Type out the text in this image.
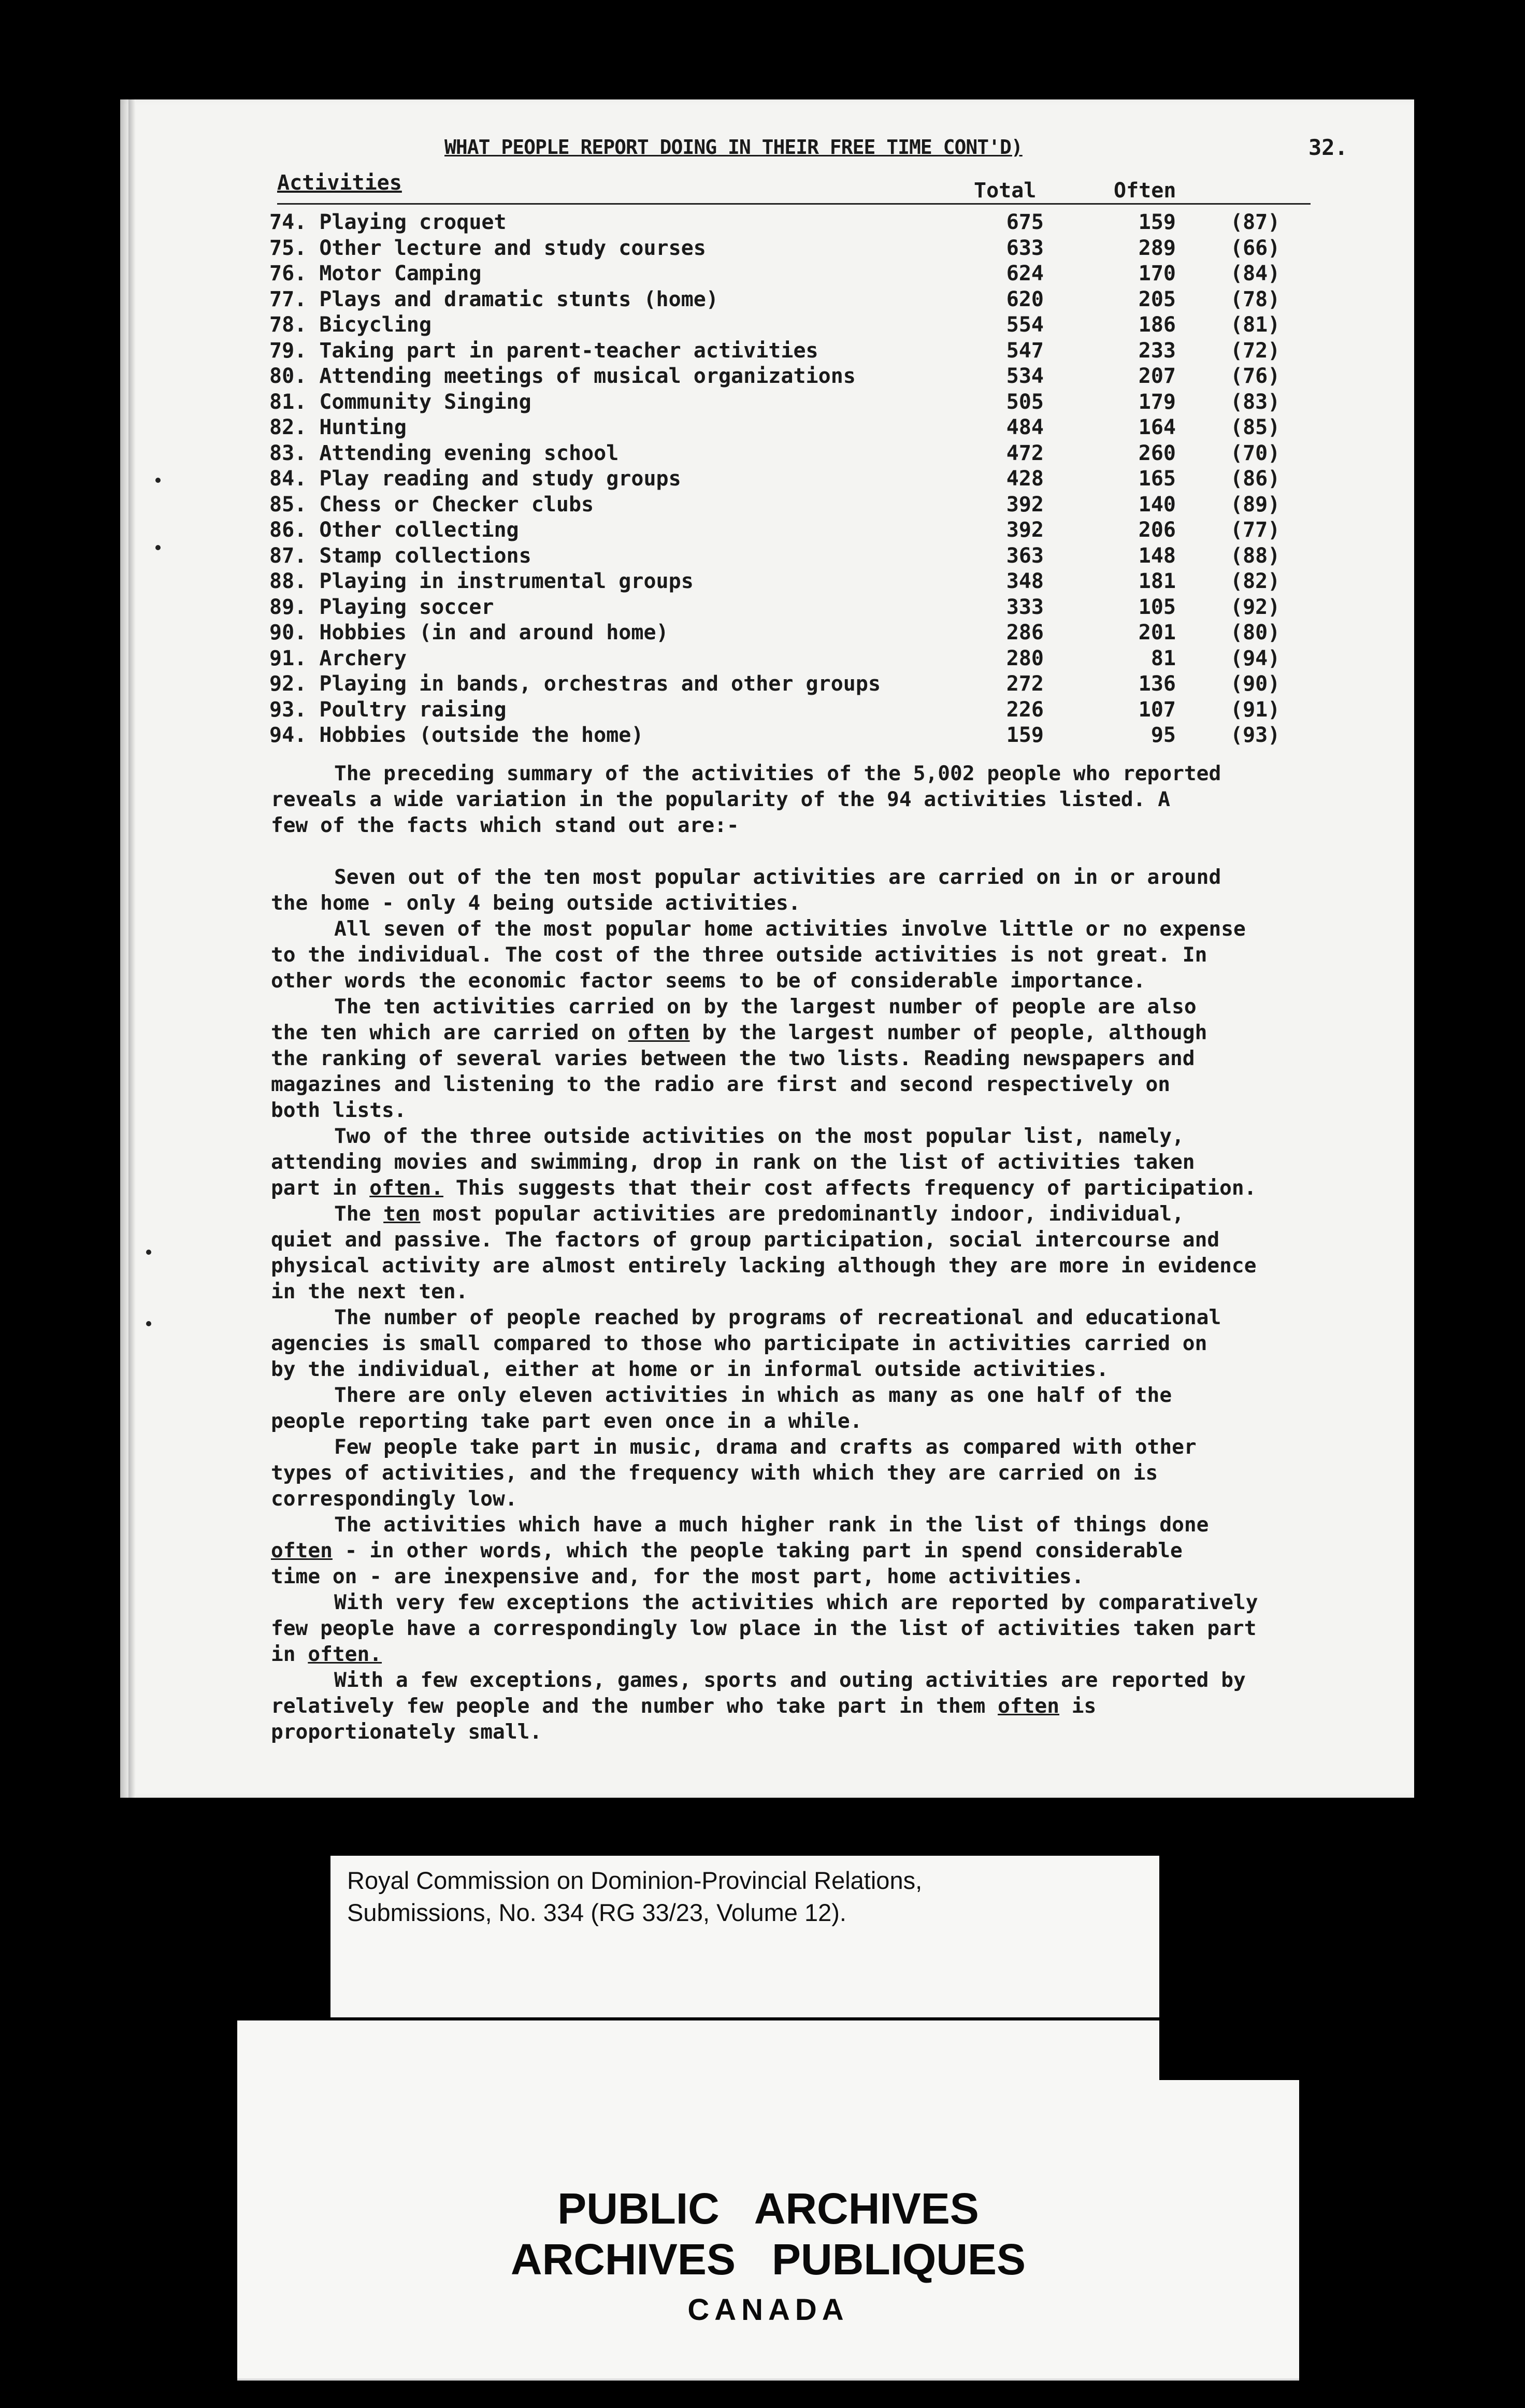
WHAT PEOPLE REPORT DOING IN THEIR FREE TIME CONT'D)	32.
Activities	Total	Often
74. Playing croquet	675	159	(87)
75. Other lecture and study courses	633	289	(66)
76. Motor Camping	624	170	(84)
77. Plays and dramatic stunts (home)	620	205	(78)
78. Bicycling	554	186	(81)
79. Taking part in parent-teacher activities	547	233	(72)
80. Attending meetings of musical organizations	534	207	(76)
81. Community Singing	505	179	(83)
82. Hunting	484	164	(85)
83. Attending evening school	472	260	(70)
84. Play reading and study groups	428	165	(86)
85. Chess or Checker clubs	392	140	(89)
86. Other collecting	392	206	(77)
87. Stamp collections	363	148	(88)
88. Playing in instrumental groups	348	181	(82)
89. Playing soccer	333	105	(92)
90. Hobbies (in and around home)	286	201	(80)
91. Archery	280	81	(94)
92. Playing in bands, orchestras and other groups	272	136	(90)
93. Poultry raising	226	107	(91)
94. Hobbies (outside the home)	159	95	(93)

The preceding summary of the activities of the 5,002 people who reported
reveals a wide variation in the popularity of the 94 activities listed. A
few of the facts which stand out are:-

Seven out of the ten most popular activities are carried on in or around
the home - only 4 being outside activities.

All seven of the most popular home activities involve little or no expense
to the individual. The cost of the three outside activities is not great. In
other words the economic factor seems to be of considerable importance.

The ten activities carried on by the largest number of people are also
the ten which are carried on often by the largest number of people, although
the ranking of several varies between the two lists. Reading newspapers and
magazines and listening to the radio are first and second respectively on
both lists.

Two of the three outside activities on the most popular list, namely,
attending movies and swimming, drop in rank on the list of activities taken
part in often. This suggests that their cost affects frequency of participation.

The ten most popular activities are predominantly indoor, individual,
quiet and passive. The factors of group participation, social intercourse and
physical activity are almost entirely lacking although they are more in evidence
in the next ten.

The number of people reached by programs of recreational and educational
agencies is small compared to those who participate in activities carried on
by the individual, either at home or in informal outside activities.

There are only eleven activities in which as many as one half of the
people reporting take part even once in a while.

Few people take part in music, drama and crafts as compared with other
types of activities, and the frequency with which they are carried on is
correspondingly low.

The activities which have a much higher rank in the list of things done
often - in other words, which the people taking part in spend considerable
time on - are inexpensive and, for the most part, home activities.

With very few exceptions the activities which are reported by comparatively
few people have a correspondingly low place in the list of activities taken part
in often.

With a few exceptions, games, sports and outing activities are reported by
relatively few people and the number who take part in them often is
proportionately small.

Royal Commission on Dominion-Provincial Relations,
Submissions, No. 334 (RG 33/23, Volume 12).
PUBLIC   ARCHIVES
ARCHIVES   PUBLIQUES
CANADA
